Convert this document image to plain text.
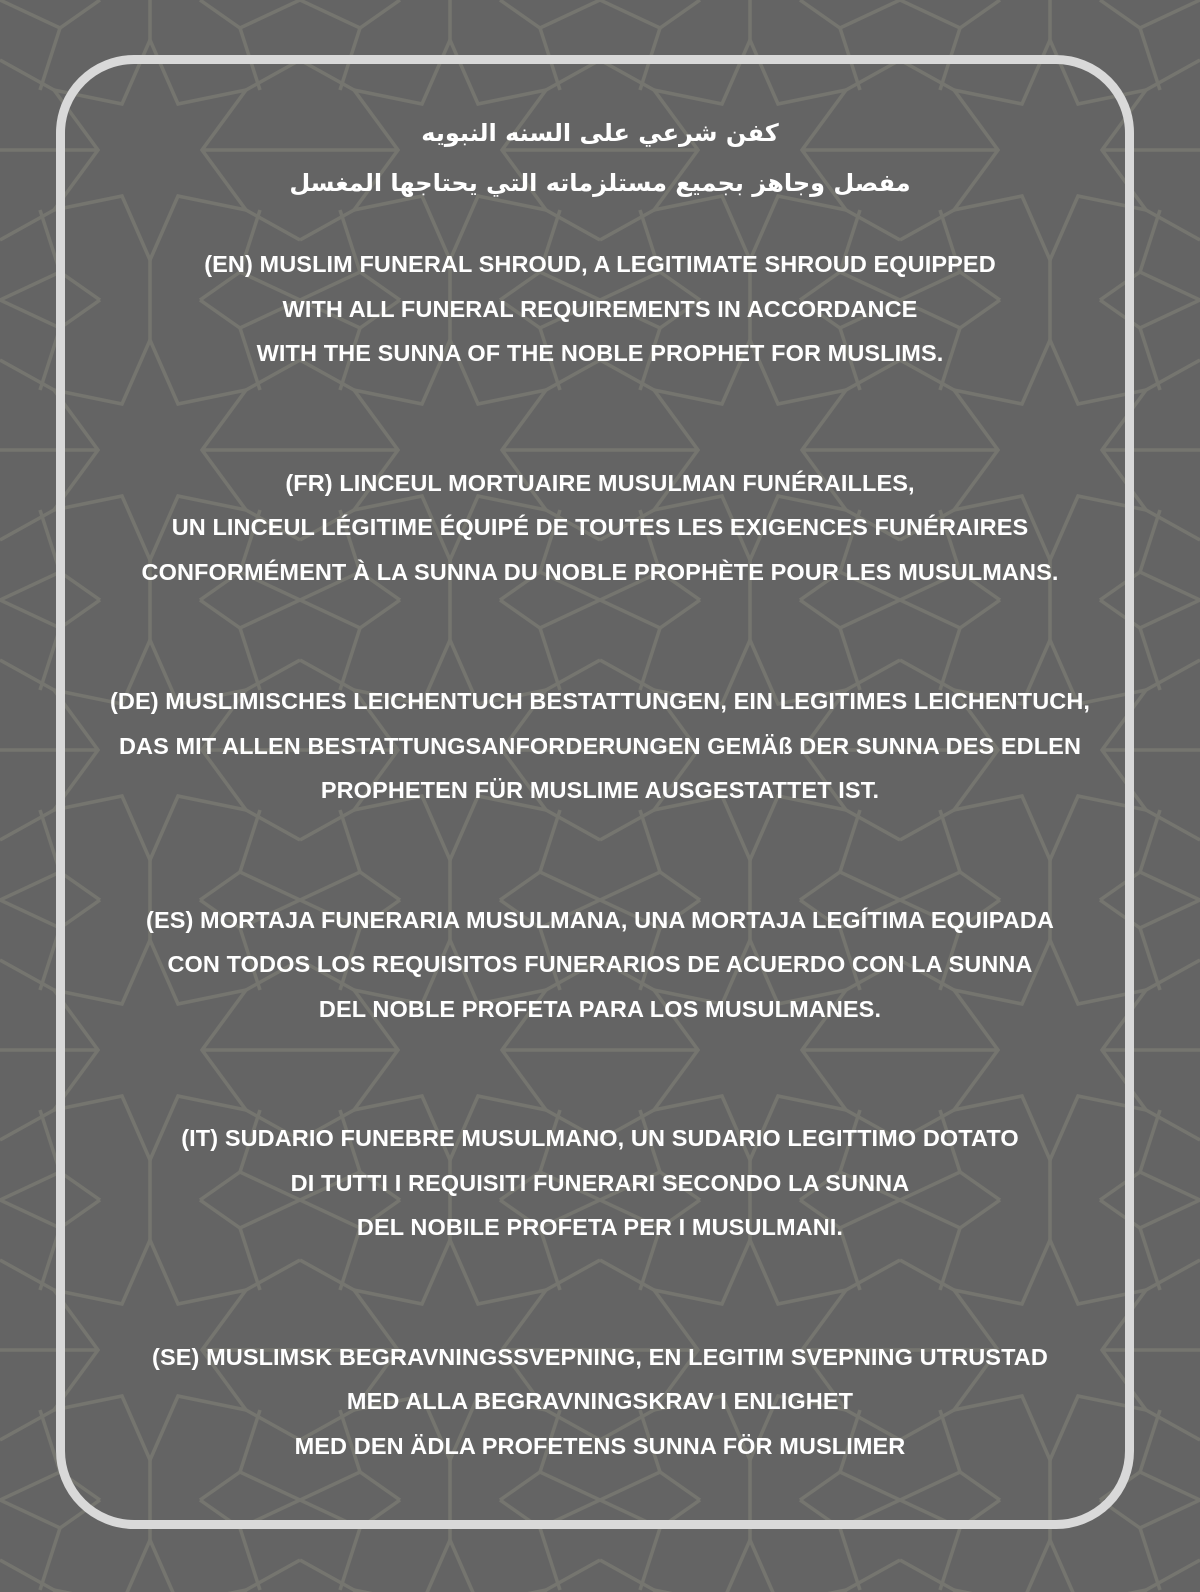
كفن شرعي على السنه النبويه
مفصل وجاهز بجميع مستلزماته التي يحتاجها المغسل
(EN) MUSLIM FUNERAL SHROUD, A LEGITIMATE SHROUD EQUIPPED
WITH ALL FUNERAL REQUIREMENTS IN ACCORDANCE
WITH THE SUNNA OF THE NOBLE PROPHET FOR MUSLIMS.
(FR) LINCEUL MORTUAIRE MUSULMAN FUNÉRAILLES,
UN LINCEUL LÉGITIME ÉQUIPÉ DE TOUTES LES EXIGENCES FUNÉRAIRES
CONFORMÉMENT À LA SUNNA DU NOBLE PROPHÈTE POUR LES MUSULMANS.
(DE) MUSLIMISCHES LEICHENTUCH BESTATTUNGEN, EIN LEGITIMES LEICHENTUCH,
DAS MIT ALLEN BESTATTUNGSANFORDERUNGEN GEMÄß DER SUNNA DES EDLEN
PROPHETEN FÜR MUSLIME AUSGESTATTET IST.
(ES) MORTAJA FUNERARIA MUSULMANA, UNA MORTAJA LEGÍTIMA EQUIPADA
CON TODOS LOS REQUISITOS FUNERARIOS DE ACUERDO CON LA SUNNA
DEL NOBLE PROFETA PARA LOS MUSULMANES.
(IT) SUDARIO FUNEBRE MUSULMANO, UN SUDARIO LEGITTIMO DOTATO
DI TUTTI I REQUISITI FUNERARI SECONDO LA SUNNA
DEL NOBILE PROFETA PER I MUSULMANI.
(SE) MUSLIMSK BEGRAVNINGSSVEPNING, EN LEGITIM SVEPNING UTRUSTAD
MED ALLA BEGRAVNINGSKRAV I ENLIGHET
MED DEN ÄDLA PROFETENS SUNNA FÖR MUSLIMER
